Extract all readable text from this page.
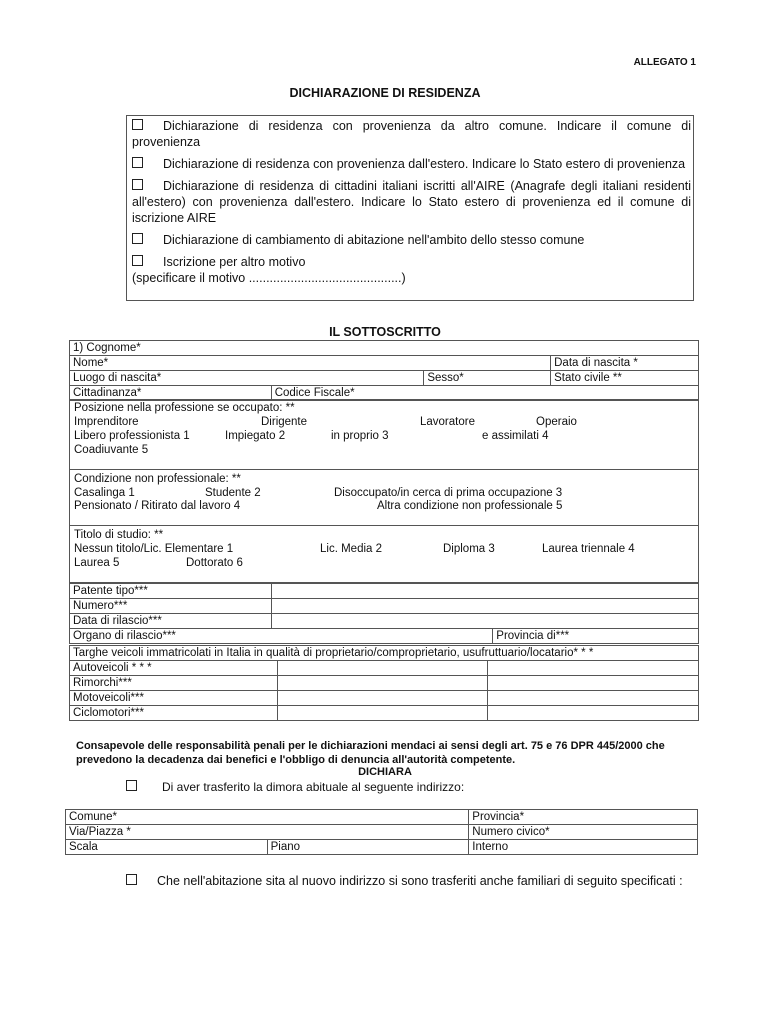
ALLEGATO 1
DICHIARAZIONE DI RESIDENZA
Dichiarazione di residenza con provenienza da altro comune. Indicare il comune di provenienza
Dichiarazione di residenza con provenienza dall'estero. Indicare lo Stato estero di provenienza
Dichiarazione di residenza di cittadini italiani iscritti all'AIRE (Anagrafe degli italiani residenti all'estero) con provenienza dall'estero. Indicare lo Stato estero di provenienza ed il comune di iscrizione AIRE
Dichiarazione di cambiamento di abitazione nell'ambito dello stesso comune
Iscrizione per altro motivo
(specificare il motivo ............................................)
IL SOTTOSCRITTO
1) Cognome*			
Nome*			Data di nascita *
Luogo di nascita*		Sesso*	Stato civile **
Cittadinanza*	Codice Fiscale*		
Posizione nella professione se occupato: **
Imprenditore	Dirigente	Lavoratore	Operaio
Libero professionista 1	Impiegato 2	in proprio 3	e assimilati 4
Coadiuvante 5
Condizione non professionale: **
Casalinga 1	Studente 2	Disoccupato/in cerca di prima occupazione 3
Pensionato / Ritirato dal lavoro 4	Altra condizione non professionale 5
Titolo di studio: **
Nessun titolo/Lic. Elementare 1	Lic. Media 2	Diploma 3	Laurea triennale 4
Laurea 5	Dottorato 6
Patente tipo***		
Numero***		
Data di rilascio***		
Organo di rilascio***		Provincia di***
Targhe veicoli immatricolati in Italia in qualità di proprietario/comproprietario, usufruttuario/locatario* * *		
Autoveicoli * * *		
Rimorchi***		
Motoveicoli***		
Ciclomotori***		
Consapevole delle responsabilità penali per le dichiarazioni mendaci ai sensi degli art. 75 e 76 DPR 445/2000 che prevedono la decadenza dai benefici e l'obbligo di denuncia all'autorità competente.
DICHIARA
Di aver trasferito la dimora abituale al seguente indirizzo:
Comune*		Provincia*
Via/Piazza *		Numero civico*
Scala	Piano	Interno
Che nell'abitazione sita al nuovo indirizzo si sono trasferiti anche familiari di seguito specificati :
